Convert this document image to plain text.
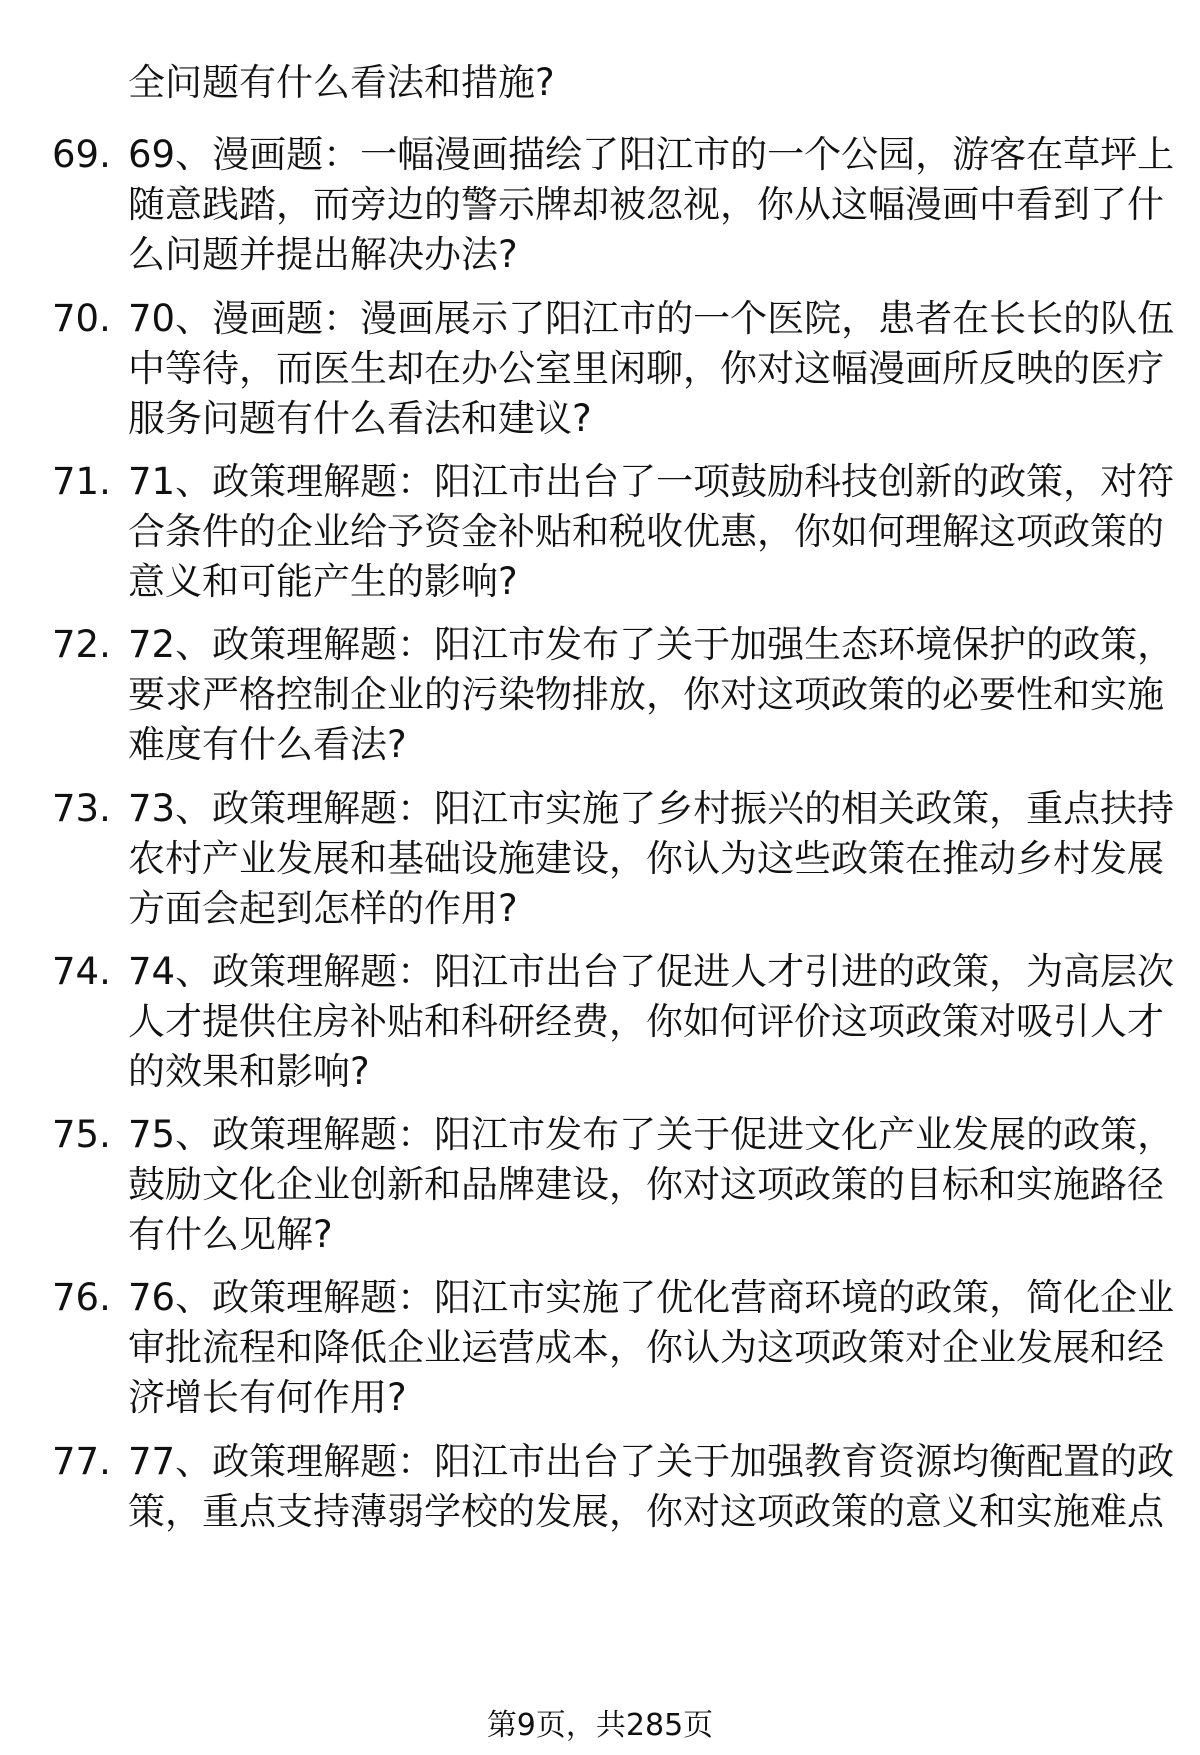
全问题有什么看法和措施?
69. 69、漫画题：一幅漫画描绘了阳江市的一个公园，游客在草坪上
随意践踏，而旁边的警示牌却被忽视，你从这幅漫画中看到了什
么问题并提出解决办法?
70. 70、漫画题：漫画展示了阳江市的一个医院，患者在长长的队伍
中等待，而医生却在办公室里闲聊，你对这幅漫画所反映的医疗
服务问题有什么看法和建议?
71. 71、政策理解题：阳江市出台了一项鼓励科技创新的政策，对符
合条件的企业给予资金补贴和税收优惠，你如何理解这项政策的
意义和可能产生的影响?
72. 72、政策理解题：阳江市发布了关于加强生态环境保护的政策，
要求严格控制企业的污染物排放，你对这项政策的必要性和实施
难度有什么看法?
73. 73、政策理解题：阳江市实施了乡村振兴的相关政策，重点扶持
农村产业发展和基础设施建设，你认为这些政策在推动乡村发展
方面会起到怎样的作用?
74. 74、政策理解题：阳江市出台了促进人才引进的政策，为高层次
人才提供住房补贴和科研经费，你如何评价这项政策对吸引人才
的效果和影响?
75. 75、政策理解题：阳江市发布了关于促进文化产业发展的政策，
鼓励文化企业创新和品牌建设，你对这项政策的目标和实施路径
有什么见解?
76. 76、政策理解题：阳江市实施了优化营商环境的政策，简化企业
审批流程和降低企业运营成本，你认为这项政策对企业发展和经
济增长有何作用?
77. 77、政策理解题：阳江市出台了关于加强教育资源均衡配置的政
策，重点支持薄弱学校的发展，你对这项政策的意义和实施难点
第9页，共285页
